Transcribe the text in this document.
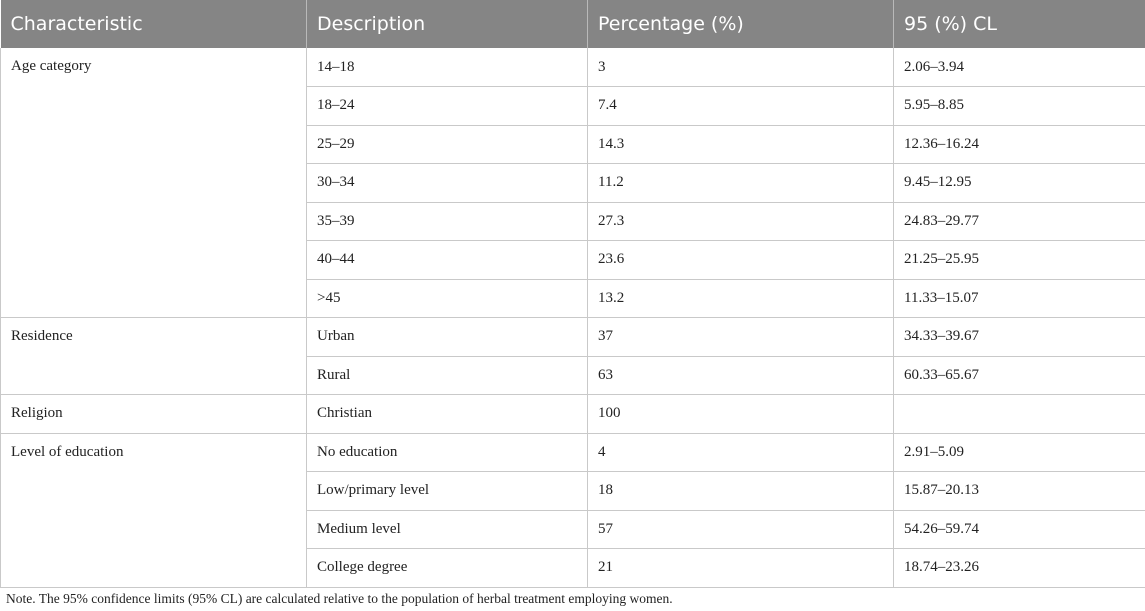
Characteristic	Description	Percentage (%)	95 (%) CL
Age category	14–18	3	2.06–3.94
	18–24	7.4	5.95–8.85
	25–29	14.3	12.36–16.24
	30–34	11.2	9.45–12.95
	35–39	27.3	24.83–29.77
	40–44	23.6	21.25–25.95
	>45	13.2	11.33–15.07
Residence	Urban	37	34.33–39.67
	Rural	63	60.33–65.67
Religion	Christian	100	
Level of education	No education	4	2.91–5.09
	Low/primary level	18	15.87–20.13
	Medium level	57	54.26–59.74
	College degree	21	18.74–23.26
Note. The 95% confidence limits (95% CL) are calculated relative to the population of herbal treatment employing women.
